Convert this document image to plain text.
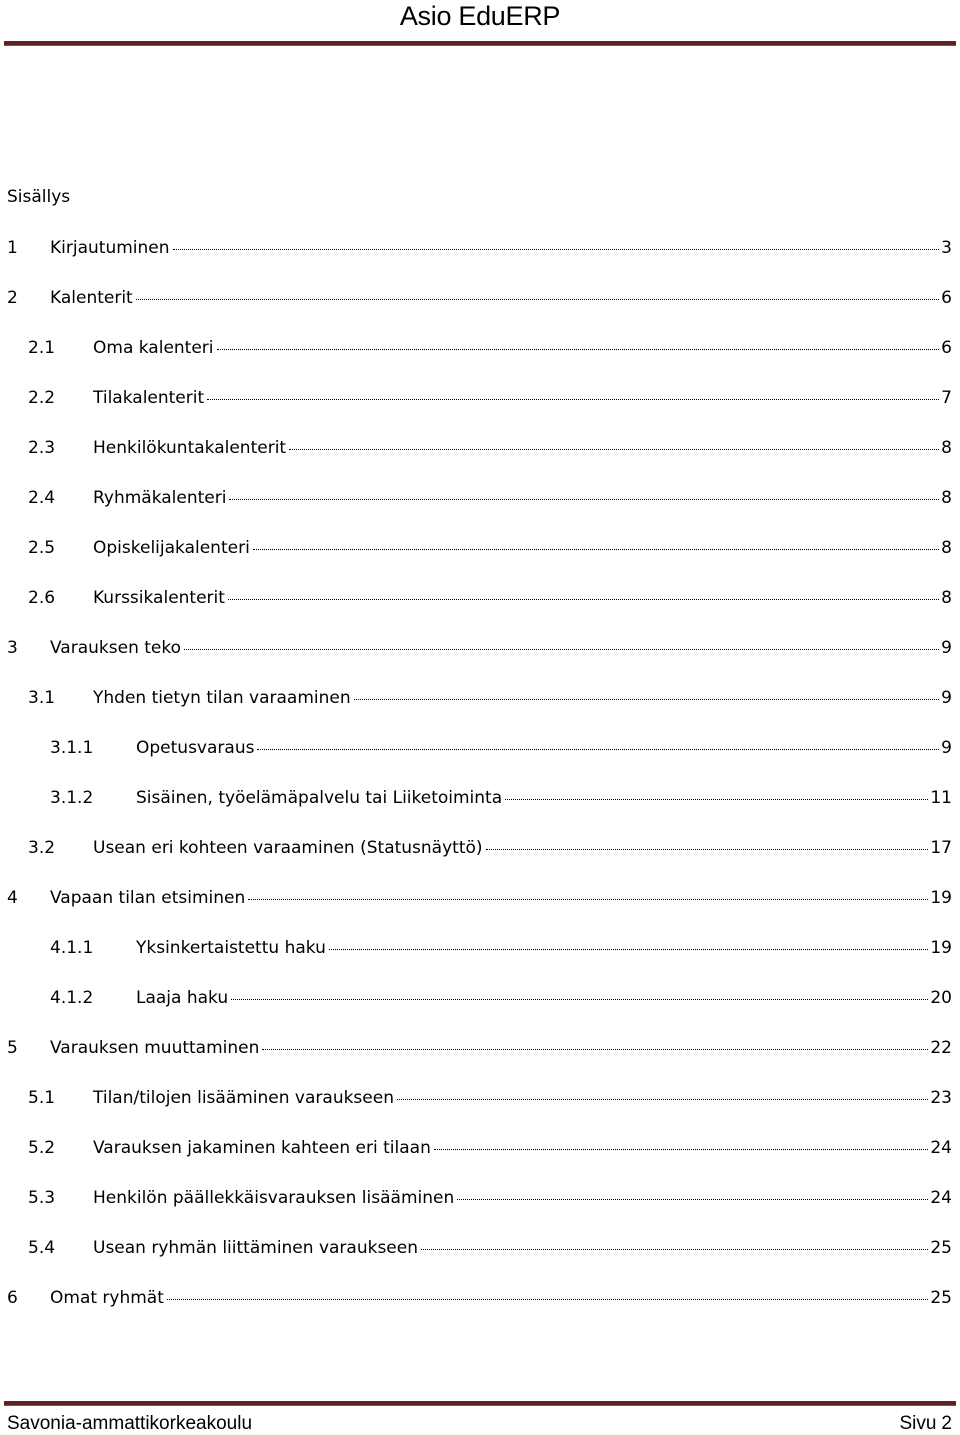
Asio EduERP
Sisällys
1 Kirjautuminen	3
2 Kalenterit	6
2.1 Oma kalenteri	6
2.2 Tilakalenterit	7
2.3 Henkilökuntakalenterit	8
2.4 Ryhmäkalenteri	8
2.5 Opiskelijakalenteri	8
2.6 Kurssikalenterit	8
3 Varauksen teko	9
3.1 Yhden tietyn tilan varaaminen	9
3.1.1	Opetusvaraus	9
3.1.2	Sisäinen, työelämäpalvelu tai Liiketoiminta	11
3.2 Usean eri kohteen varaaminen (Statusnäyttö)	17
4 Vapaan tilan etsiminen	19
4.1.1	Yksinkertaistettu haku	19
4.1.2	Laaja haku	20
5 Varauksen muuttaminen	22
5.1 Tilan/tilojen lisääminen varaukseen	23
5.2 Varauksen jakaminen kahteen eri tilaan	24
5.3 Henkilön päällekkäisvarauksen lisääminen	24
5.4 Usean ryhmän liittäminen varaukseen	25
6 Omat ryhmät	25
Savonia-ammattikorkeakoulu	Sivu 2
